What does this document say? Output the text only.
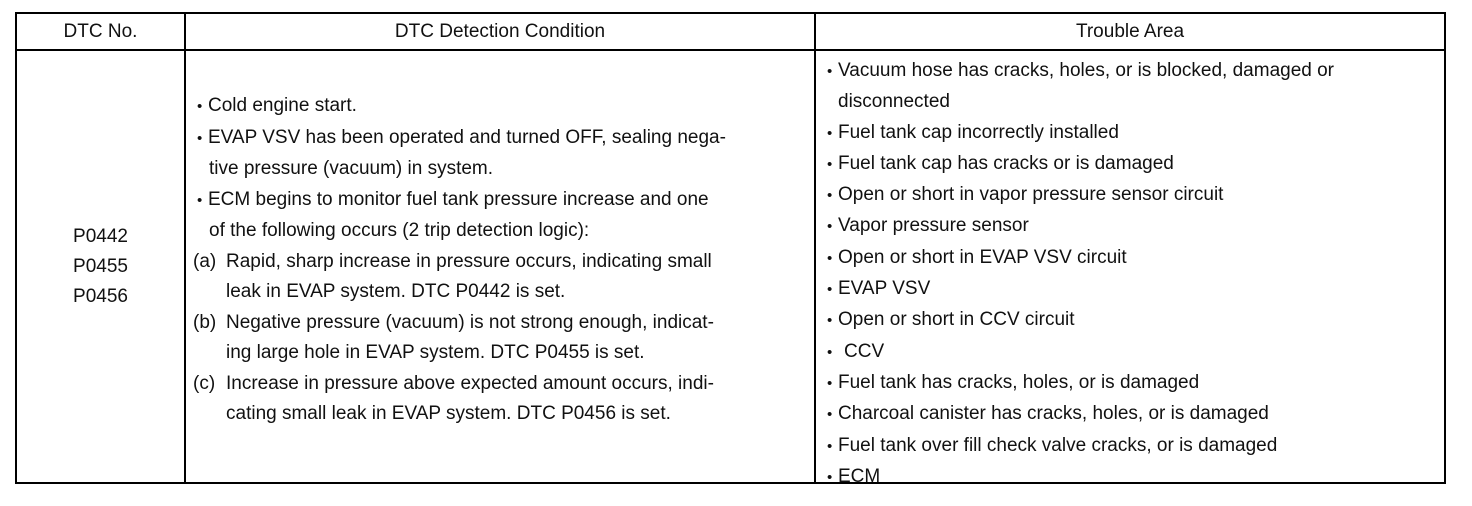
DTC No.	DTC Detection Condition	Trouble Area
P0442
P0455
P0456
• Cold engine start.
• EVAP VSV has been operated and turned OFF, sealing nega-
tive pressure (vacuum) in system.
• ECM begins to monitor fuel tank pressure increase and one
of the following occurs (2 trip detection logic):
(a) Rapid, sharp increase in pressure occurs, indicating small
leak in EVAP system. DTC P0442 is set.
(b) Negative pressure (vacuum) is not strong enough, indicat-
ing large hole in EVAP system. DTC P0455 is set.
(c) Increase in pressure above expected amount occurs, indi-
cating small leak in EVAP system. DTC P0456 is set.
• Vacuum hose has cracks, holes, or is blocked, damaged or
disconnected
• Fuel tank cap incorrectly installed
• Fuel tank cap has cracks or is damaged
• Open or short in vapor pressure sensor circuit
• Vapor pressure sensor
• Open or short in EVAP VSV circuit
• EVAP VSV
• Open or short in CCV circuit
• CCV
• Fuel tank has cracks, holes, or is damaged
• Charcoal canister has cracks, holes, or is damaged
• Fuel tank over fill check valve cracks, or is damaged
• ECM
